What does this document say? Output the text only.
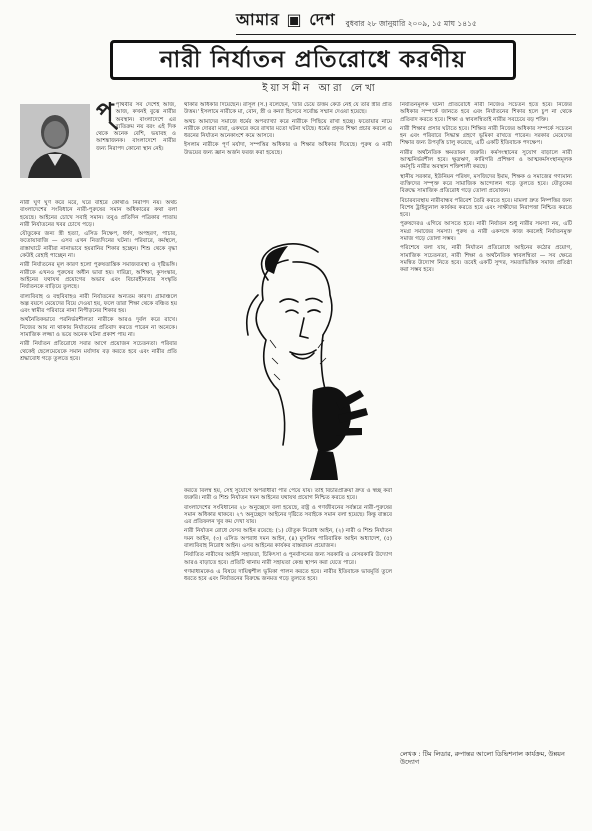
আমার ▣ দেশ বুধবার ২৮ জানুয়ারি ২০০৯, ১৫ মাঘ ১৪১৫
নারী নির্যাতন প্রতিরোধে করণীয়
ইয়াসমীন আরা লেখা
প্পৃথিবীর সব দেশেই আজ, আজ, কখনই বুঝে নারীর অবস্থান। বাংলাদেশে এর ব্যতিক্রম নয় বরং এই দিক থেকে অনেক বেশি, ভয়াবহ ও আশঙ্কাজনক। বাংলাদেশে নারীর জন্য নিরাপদ কোনো স্থান নেই।

নারী ঘুণ ঘুণ করে মরে, ঘরে বাইরে কোথাও নিরাপদ নয়। অথচ বাংলাদেশের সংবিধানে নারী-পুরুষের সমান অধিকারের কথা বলা হয়েছে। আইনের চোখে সবাই সমান। তবুও প্রতিদিন পত্রিকার পাতায় নারী নির্যাতনের খবর চোখে পড়ে।

যৌতুকের জন্য স্ত্রী হত্যা, এসিড নিক্ষেপ, ধর্ষণ, অপহরণ, পাচার, ফতোয়াবাজি — এসব এখন নিত্যদিনের ঘটনা। পরিবারে, কর্মস্থলে, রাস্তাঘাটে নারীরা নানাভাবে হয়রানির শিকার হচ্ছেন। শিশু থেকে বৃদ্ধা কেউই রেহাই পাচ্ছেন না।

নারী নির্যাতনের মূল কারণ হলো পুরুষতান্ত্রিক সমাজব্যবস্থা ও দৃষ্টিভঙ্গি। নারীকে এখনও পুরুষের অধীন ভাবা হয়। দারিদ্র্য, অশিক্ষা, কুসংস্কার, আইনের যথাযথ প্রয়োগের অভাব এবং বিচারহীনতার সংস্কৃতি নির্যাতনকে বাড়িয়ে তুলছে।

বাল্যবিবাহ ও বহুবিবাহও নারী নির্যাতনের অন্যতম কারণ। গ্রামাঞ্চলে অল্প বয়সে মেয়েদের বিয়ে দেওয়া হয়, ফলে তারা শিক্ষা থেকে বঞ্চিত হয় এবং স্বামীর পরিবারে নানা নিপীড়নের শিকার হয়।

অর্থনৈতিকভাবে পরনির্ভরশীলতা নারীকে আরও দুর্বল করে রাখে। নিজের আয় না থাকায় নির্যাতনের প্রতিবাদ করতে পারেন না অনেকে। সামাজিক লজ্জা ও ভয়ে অনেক ঘটনা প্রকাশ পায় না।

নারী নির্যাতন প্রতিরোধে সবার আগে প্রয়োজন সচেতনতা। পরিবার থেকেই ছেলেমেয়েকে সমান মর্যাদায় বড় করতে হবে এবং নারীর প্রতি শ্রদ্ধাবোধ গড়ে তুলতে হবে।

থাকার অধিকার দিয়েছেন। রাসূল (স.) বলেছেন, 'তার চেয়ে উত্তম কেউ নেই যে তার স্ত্রীর প্রতি উত্তম।' ইসলামে নারীকে মা, বোন, স্ত্রী ও কন্যা হিসেবে সর্বোচ্চ সম্মান দেওয়া হয়েছে।

অথচ আমাদের সমাজে ধর্মের অপব্যাখ্যা করে নারীকে পিছিয়ে রাখা হচ্ছে। ফতোয়ার নামে নারীকে দোররা মারা, একঘরে করে রাখার মতো ঘটনা ঘটছে। ধর্মের প্রকৃত শিক্ষা প্রচার করলে এ ধরনের নির্যাতন অনেকাংশে কমে আসবে।

ইসলাম নারীকে পূর্ণ মর্যাদা, সম্পত্তির অধিকার ও শিক্ষার অধিকার দিয়েছে। পুরুষ ও নারী উভয়ের জন্য জ্ঞান অর্জন ফরজ করা হয়েছে।

করতে বিলম্ব হয়, সেই সুযোগে অপরাধীরা পার পেয়ে যায়। তাই বিচারপ্রক্রিয়া দ্রুত ও স্বচ্ছ করা জরুরি। নারী ও শিশু নির্যাতন দমন আইনের যথাযথ প্রয়োগ নিশ্চিত করতে হবে।

বাংলাদেশের সংবিধানের ২৮ অনুচ্ছেদে বলা হয়েছে, রাষ্ট্র ও গণজীবনের সর্বস্তরে নারী-পুরুষের সমান অধিকার থাকবে। ২৭ অনুচ্ছেদে আইনের দৃষ্টিতে সবাইকে সমান বলা হয়েছে। কিন্তু বাস্তবে এর প্রতিফলন খুব কম দেখা যায়।

নারী নির্যাতন রোধে যেসব আইন রয়েছে: (১) যৌতুক নিরোধ আইন, (২) নারী ও শিশু নির্যাতন দমন আইন, (৩) এসিড অপরাধ দমন আইন, (৪) মুসলিম পারিবারিক আইন অধ্যাদেশ, (৫) বাল্যবিবাহ নিরোধ আইন। এসব আইনের কার্যকর বাস্তবায়ন প্রয়োজন।

নির্যাতিত নারীদের আইনি সহায়তা, চিকিৎসা ও পুনর্বাসনের জন্য সরকারি ও বেসরকারি উদ্যোগ আরও বাড়াতে হবে। প্রতিটি থানায় নারী সহায়তা কেন্দ্র স্থাপন করা যেতে পারে।

গণমাধ্যমকেও এ বিষয়ে দায়িত্বশীল ভূমিকা পালন করতে হবে। নারীর ইতিবাচক ভাবমূর্তি তুলে ধরতে হবে এবং নির্যাতনের বিরুদ্ধে জনমত গড়ে তুলতে হবে।

নির্যাতনমূলক ঘটনা প্রতিরোধে নারী নিজেও সচেতন হতে হবে। নিজের অধিকার সম্পর্কে জানতে হবে এবং নির্যাতনের শিকার হলে চুপ না থেকে প্রতিবাদ করতে হবে। শিক্ষা ও স্বাবলম্বিতাই নারীর সবচেয়ে বড় শক্তি।

নারী শিক্ষার প্রসার ঘটাতে হবে। শিক্ষিত নারী নিজের অধিকার সম্পর্কে সচেতন হন এবং পরিবারে সিদ্ধান্ত গ্রহণে ভূমিকা রাখতে পারেন। সরকার মেয়েদের শিক্ষার জন্য উপবৃত্তি চালু করেছে, এটি একটি ইতিবাচক পদক্ষেপ।

নারীর অর্থনৈতিক ক্ষমতায়ন জরুরি। কর্মসংস্থানের সুযোগ বাড়ালে নারী আত্মনির্ভরশীল হবে। ক্ষুদ্রঋণ, কারিগরি প্রশিক্ষণ ও আত্মকর্মসংস্থানমূলক কর্মসূচি নারীর অবস্থান শক্তিশালী করছে।

স্থানীয় সরকার, ইউনিয়ন পরিষদ, মসজিদের ইমাম, শিক্ষক ও সমাজের গণ্যমান্য ব্যক্তিদের সম্পৃক্ত করে সামাজিক আন্দোলন গড়ে তুলতে হবে। যৌতুকের বিরুদ্ধে সামাজিক প্রতিরোধ গড়ে তোলা প্রয়োজন।

বিচারব্যবস্থায় নারীবান্ধব পরিবেশ তৈরি করতে হবে। মামলা দ্রুত নিষ্পত্তির জন্য বিশেষ ট্রাইব্যুনাল কার্যকর করতে হবে এবং সাক্ষীদের নিরাপত্তা নিশ্চিত করতে হবে।

পুরুষদেরও এগিয়ে আসতে হবে। নারী নির্যাতন শুধু নারীর সমস্যা নয়, এটি সমগ্র সমাজের সমস্যা। পুরুষ ও নারী একসঙ্গে কাজ করলেই নির্যাতনমুক্ত সমাজ গড়ে তোলা সম্ভব।

পরিশেষে বলা যায়, নারী নির্যাতন প্রতিরোধে আইনের কঠোর প্রয়োগ, সামাজিক সচেতনতা, নারী শিক্ষা ও অর্থনৈতিক স্বাবলম্বিতা — সব ক্ষেত্রে সমন্বিত উদ্যোগ নিতে হবে। তবেই একটি সুন্দর, সমতাভিত্তিক সমাজ প্রতিষ্ঠা করা সম্ভব হবে।

লেখক : টিম লিডার, রুপান্তর আলো ডিভিশনাল কার্যক্রম, উন্নয়ন উদ্যোগ
